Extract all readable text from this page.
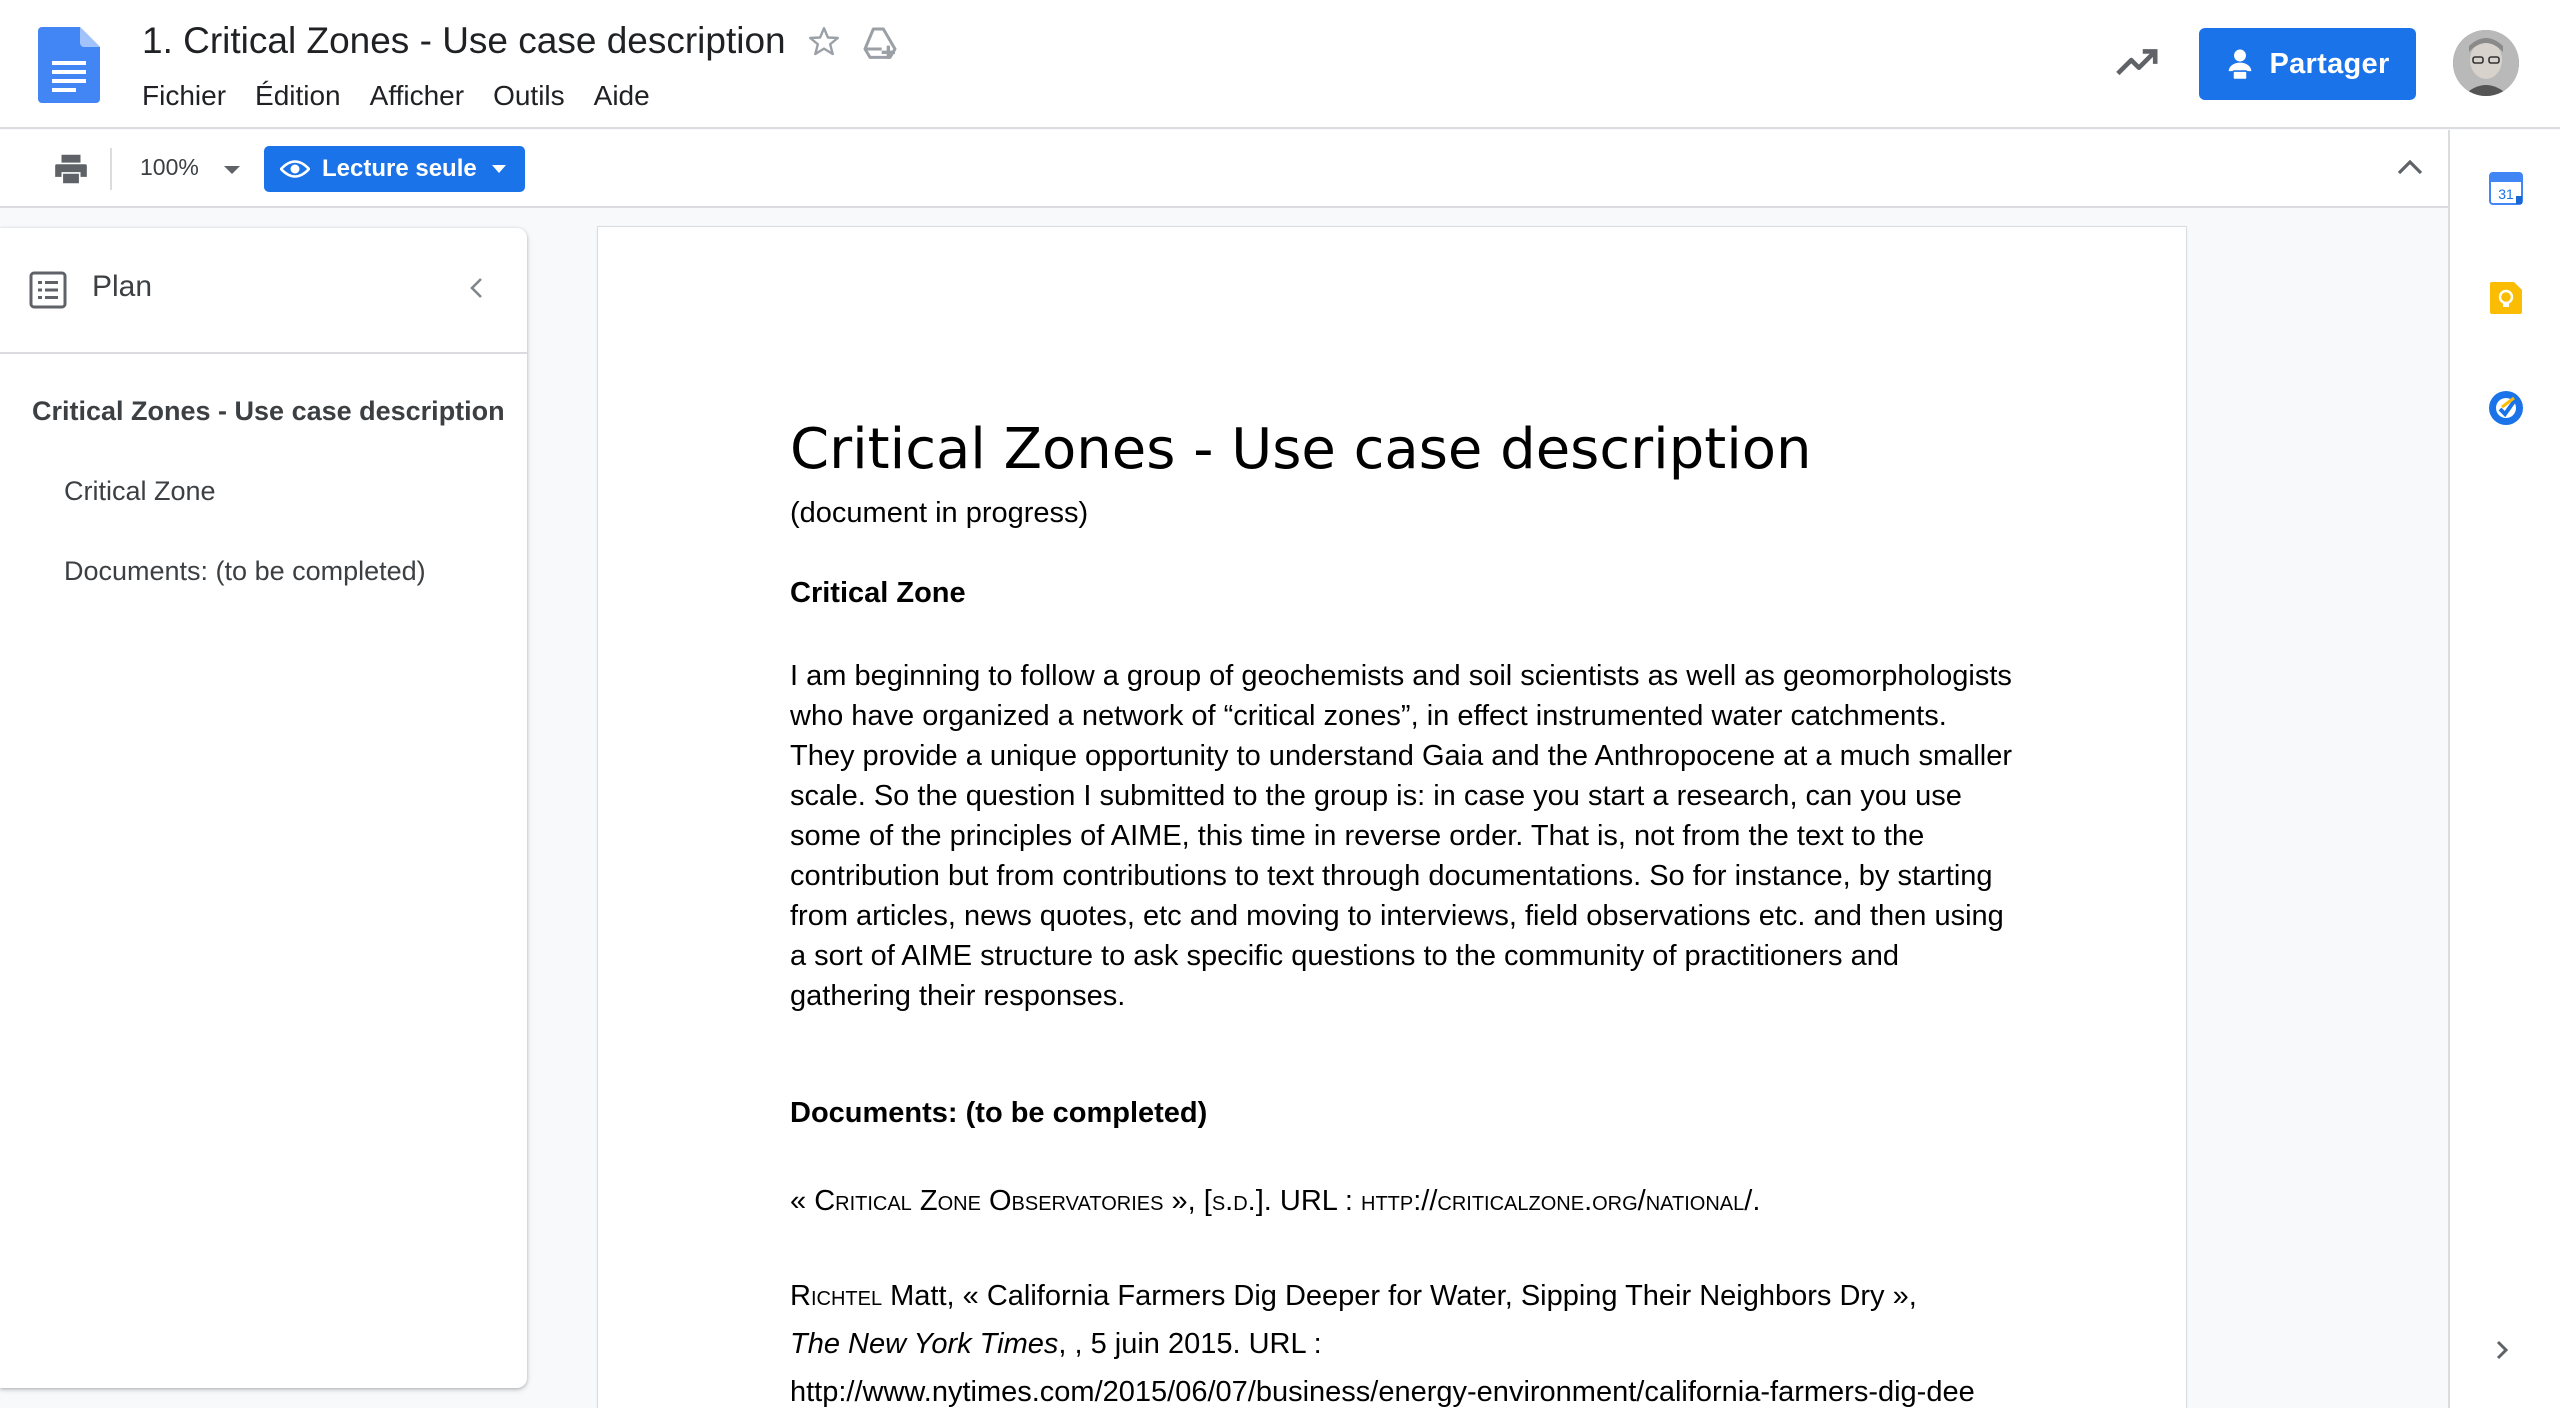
1. Critical Zones - Use case description
Fichier Édition Afficher Outils Aide
Partager
100%	Lecture seule
31
Plan
Critical Zones - Use case description
Critical Zone
Documents: (to be completed)
Critical Zones - Use case description
(document in progress)
Critical Zone
I am beginning to follow a group of geochemists and soil scientists as well as geomorphologists who have organized a network of “critical zones”, in effect instrumented water catchments. They provide a unique opportunity to understand Gaia and the Anthropocene at a much smaller scale. So the question I submitted to the group is: in case you start a research, can you use some of the principles of AIME, this time in reverse order. That is, not from the text to the contribution but from contributions to text through documentations. So for instance, by starting from articles, news quotes, etc and moving to interviews, field observations etc. and then using a sort of AIME structure to ask specific questions to the community of practitioners and gathering their responses.
Documents: (to be completed)
« Critical Zone Observatories », [s.d.]. URL : http://criticalzone.org/national/.
Richtel Matt, « California Farmers Dig Deeper for Water, Sipping Their Neighbors Dry »,
The New York Times, , 5 juin 2015. URL :
http://www.nytimes.com/2015/06/07/business/energy-environment/california-farmers-dig-dee
